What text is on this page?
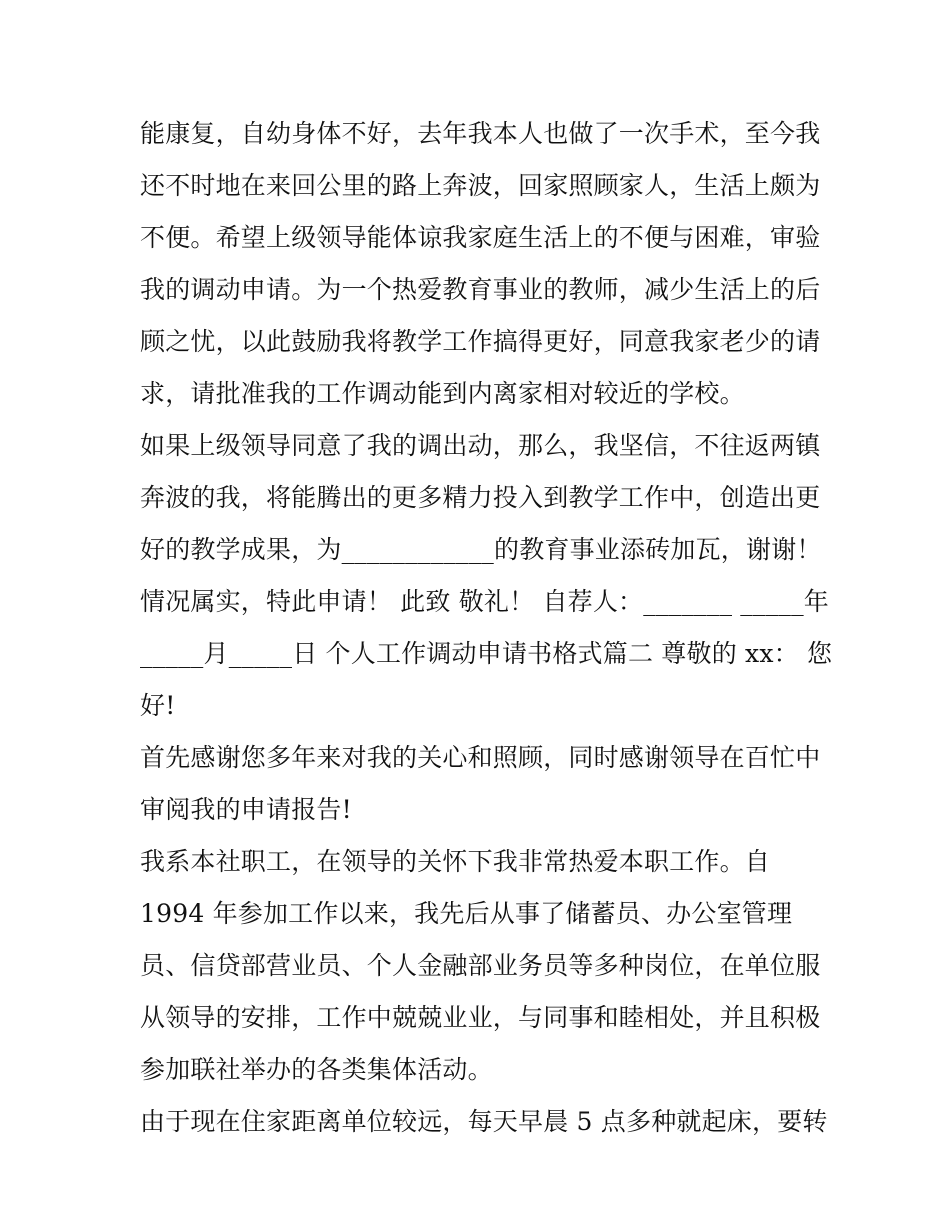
能康复，自幼身体不好，去年我本人也做了一次手术，至今我
还不时地在来回公里的路上奔波，回家照顾家人，生活上颇为
不便。希望上级领导能体谅我家庭生活上的不便与困难，审验
我的调动申请。为一个热爱教育事业的教师，减少生活上的后
顾之忧，以此鼓励我将教学工作搞得更好，同意我家老少的请
求，请批准我的工作调动能到内离家相对较近的学校。
如果上级领导同意了我的调出动，那么，我坚信，不往返两镇
奔波的我，将能腾出的更多精力投入到教学工作中，创造出更
好的教学成果，为____________的教育事业添砖加瓦，谢谢！
情况属实，特此申请！ 此致 敬礼！ 自荐人：_______ _____年
_____月_____日 个人工作调动申请书格式篇二 尊敬的 xx： 您
好!
首先感谢您多年来对我的关心和照顾，同时感谢领导在百忙中
审阅我的申请报告!
我系本社职工，在领导的关怀下我非常热爱本职工作。自
1994 年参加工作以来，我先后从事了储蓄员、办公室管理
员、信贷部营业员、个人金融部业务员等多种岗位，在单位服
从领导的安排，工作中兢兢业业，与同事和睦相处，并且积极
参加联社举办的各类集体活动。
由于现在住家距离单位较远，每天早晨 5 点多种就起床，要转
